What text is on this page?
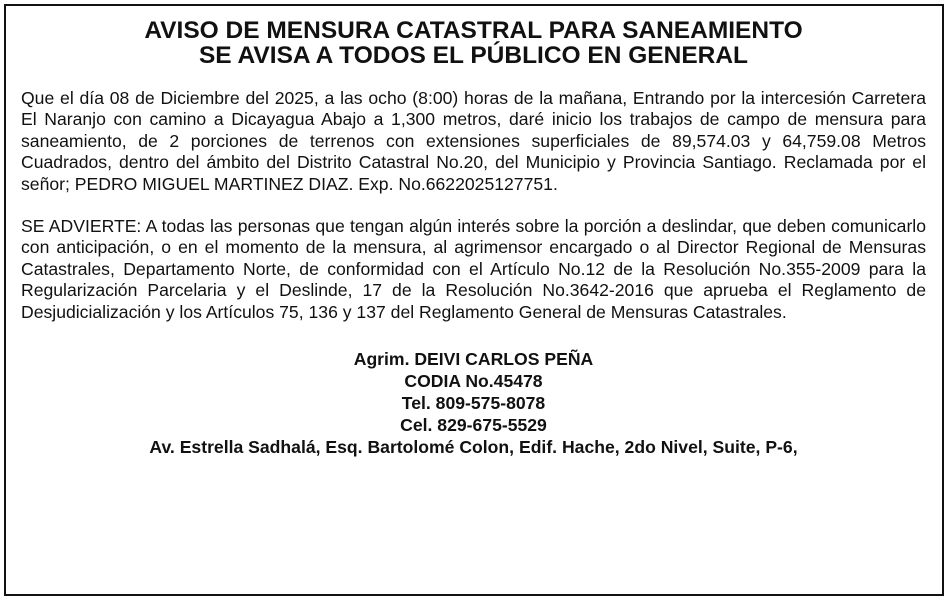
AVISO DE MENSURA CATASTRAL PARA SANEAMIENTO
SE AVISA A TODOS EL PÚBLICO EN GENERAL

Que el día 08 de Diciembre del 2025, a las ocho (8:00) horas de la mañana, Entrando por la intercesión Carretera El Naranjo con camino a Dicayagua Abajo a 1,300 metros, daré inicio los trabajos de campo de mensura para saneamiento, de 2 porciones de terrenos con extensiones superficiales de 89,574.03 y 64,759.08 Metros Cuadrados, dentro del ámbito del Distrito Catastral No.20, del Municipio y Provincia Santiago. Reclamada por el señor; PEDRO MIGUEL MARTINEZ DIAZ. Exp. No.6622025127751.

SE ADVIERTE: A todas las personas que tengan algún interés sobre la porción a deslindar, que deben comunicarlo con anticipación, o en el momento de la mensura, al agrimensor encargado o al Director Regional de Mensuras Catastrales, Departamento Norte, de conformidad con el Artículo No.12 de la Resolución No.355-2009 para la Regularización Parcelaria y el Deslinde, 17 de la Resolución No.3642-2016 que aprueba el Reglamento de Desjudicialización y los Artículos 75, 136 y 137 del Reglamento General de Mensuras Catastrales.

Agrim. DEIVI CARLOS PEÑA
CODIA No.45478
Tel. 809-575-8078
Cel. 829-675-5529
Av. Estrella Sadhalá, Esq. Bartolomé Colon, Edif. Hache, 2do Nivel, Suite, P-6,
